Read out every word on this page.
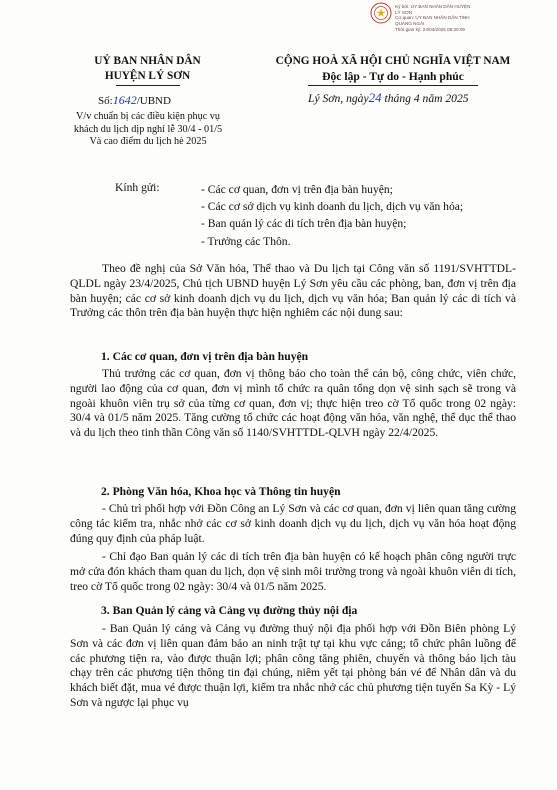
Ký bởi: ỦY BAN NHÂN DÂN HUYỆN
LÝ SƠN
Cơ quan: ỦY BAN NHÂN DÂN TỈNH
QUẢNG NGÃI
Thời gian ký: 24/04/2025 08:30:09
UỶ BAN NHÂN DÂN
HUYỆN LÝ SƠN
CỘNG HOÀ XÃ HỘI CHỦ NGHĨA VIỆT NAM
Độc lập - Tự do - Hạnh phúc
Số:1642/UBND
V/v chuẩn bị các điều kiện phục vụ
khách du lịch dịp nghỉ lễ 30/4 - 01/5
Và cao điểm du lịch hè 2025
Lý Sơn, ngày24 tháng 4 năm 2025
Kính gửi:	- Các cơ quan, đơn vị trên địa bàn huyện;
- Các cơ sở dịch vụ kinh doanh du lịch, dịch vụ văn hóa;
- Ban quản lý các di tích trên địa bàn huyện;
- Trưởng các Thôn.

Theo đề nghị của Sở Văn hóa, Thể thao và Du lịch tại Công văn số 1191/SVHTTDL-QLDL ngày 23/4/2025, Chủ tịch UBND huyện Lý Sơn yêu cầu các phòng, ban, đơn vị trên địa bàn huyện; các cơ sở kinh doanh dịch vụ du lịch, dịch vụ văn hóa; Ban quản lý các di tích và Trưởng các thôn trên địa bàn huyện thực hiện nghiêm các nội dung sau:

1. Các cơ quan, đơn vị trên địa bàn huyện

Thủ trưởng các cơ quan, đơn vị thông báo cho toàn thể cán bộ, công chức, viên chức, người lao động của cơ quan, đơn vị mình tổ chức ra quân tổng dọn vệ sinh sạch sẽ trong và ngoài khuôn viên trụ sở của từng cơ quan, đơn vị; thực hiện treo cờ Tổ quốc trong 02 ngày: 30/4 và 01/5 năm 2025. Tăng cường tổ chức các hoạt động văn hóa, văn nghệ, thể dục thể thao và du lịch theo tinh thần Công văn số 1140/SVHTTDL-QLVH ngày 22/4/2025.

2. Phòng Văn hóa, Khoa học và Thông tin huyện

- Chủ trì phối hợp với Đồn Công an Lý Sơn và các cơ quan, đơn vị liên quan tăng cường công tác kiểm tra, nhắc nhở các cơ sở kinh doanh dịch vụ du lịch, dịch vụ văn hóa hoạt động đúng quy định của pháp luật.

- Chỉ đạo Ban quản lý các di tích trên địa bàn huyện có kế hoạch phân công người trực mở cửa đón khách tham quan du lịch, dọn vệ sinh môi trường trong và ngoài khuôn viên di tích, treo cờ Tổ quốc trong 02 ngày: 30/4 và 01/5 năm 2025.

3. Ban Quản lý cảng và Cảng vụ đường thủy nội địa

- Ban Quản lý cảng và Cảng vụ đường thuỷ nội địa phối hợp với Đồn Biên phòng Lý Sơn và các đơn vị liên quan đảm bảo an ninh trật tự tại khu vực cảng; tổ chức phân luồng để các phương tiện ra, vào được thuận lợi; phân công tăng phiên, chuyến và thông báo lịch tàu chạy trên các phương tiện thông tin đại chúng, niêm yết tại phòng bán vé để Nhân dân và du khách biết đặt, mua vé được thuận lợi, kiểm tra nhắc nhở các chủ phương tiện tuyến Sa Kỳ - Lý Sơn và ngược lại phục vụ
